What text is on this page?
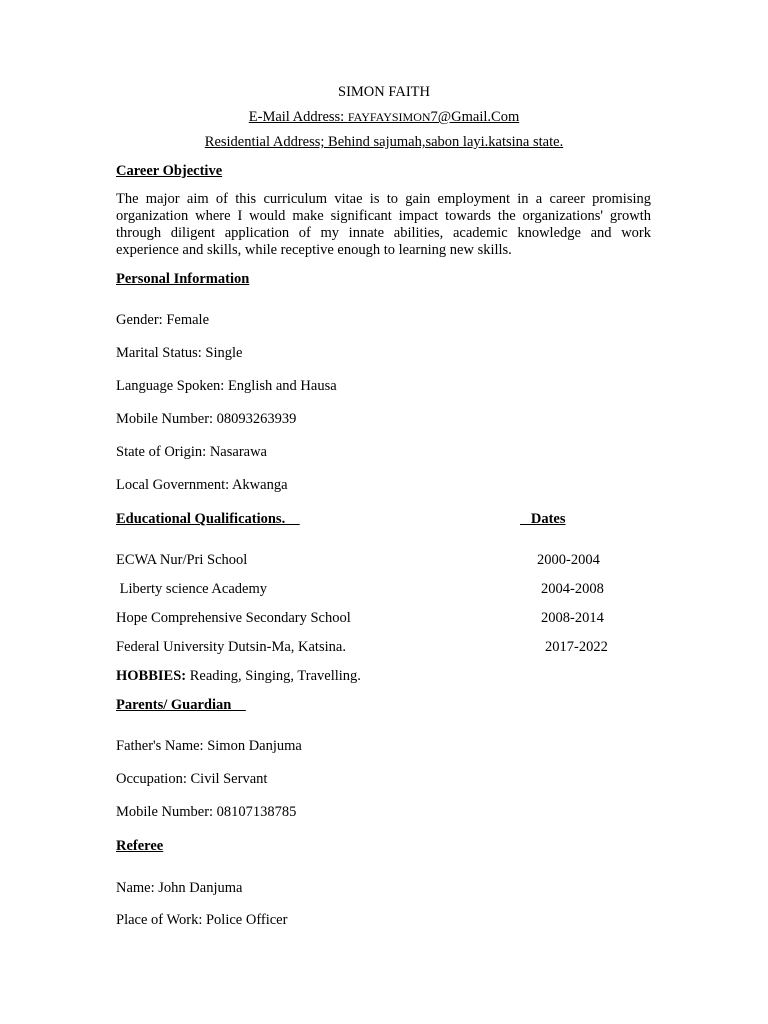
SIMON FAITH
E-Mail Address: FAYFAYSIMON7@Gmail.Com
Residential Address; Behind sajumah,sabon layi.katsina state.
Career Objective
The major aim of this curriculum vitae is to gain employment in a career promising organization where I would make significant impact towards the organizations' growth through diligent application of my innate abilities, academic knowledge and work experience and skills, while receptive enough to learning new skills.
Personal Information
Gender: Female
Marital Status: Single
Language Spoken: English and Hausa
Mobile Number: 08093263939
State of Origin: Nasarawa
Local Government: Akwanga
Educational Qualifications.	Dates
ECWA Nur/Pri School	2000-2004
Liberty science Academy	2004-2008
Hope Comprehensive Secondary School	2008-2014
Federal University Dutsin-Ma, Katsina.	2017-2022
HOBBIES: Reading, Singing, Travelling.
Parents/ Guardian
Father's Name: Simon Danjuma
Occupation: Civil Servant
Mobile Number: 08107138785
Referee
Name: John Danjuma
Place of Work: Police Officer
